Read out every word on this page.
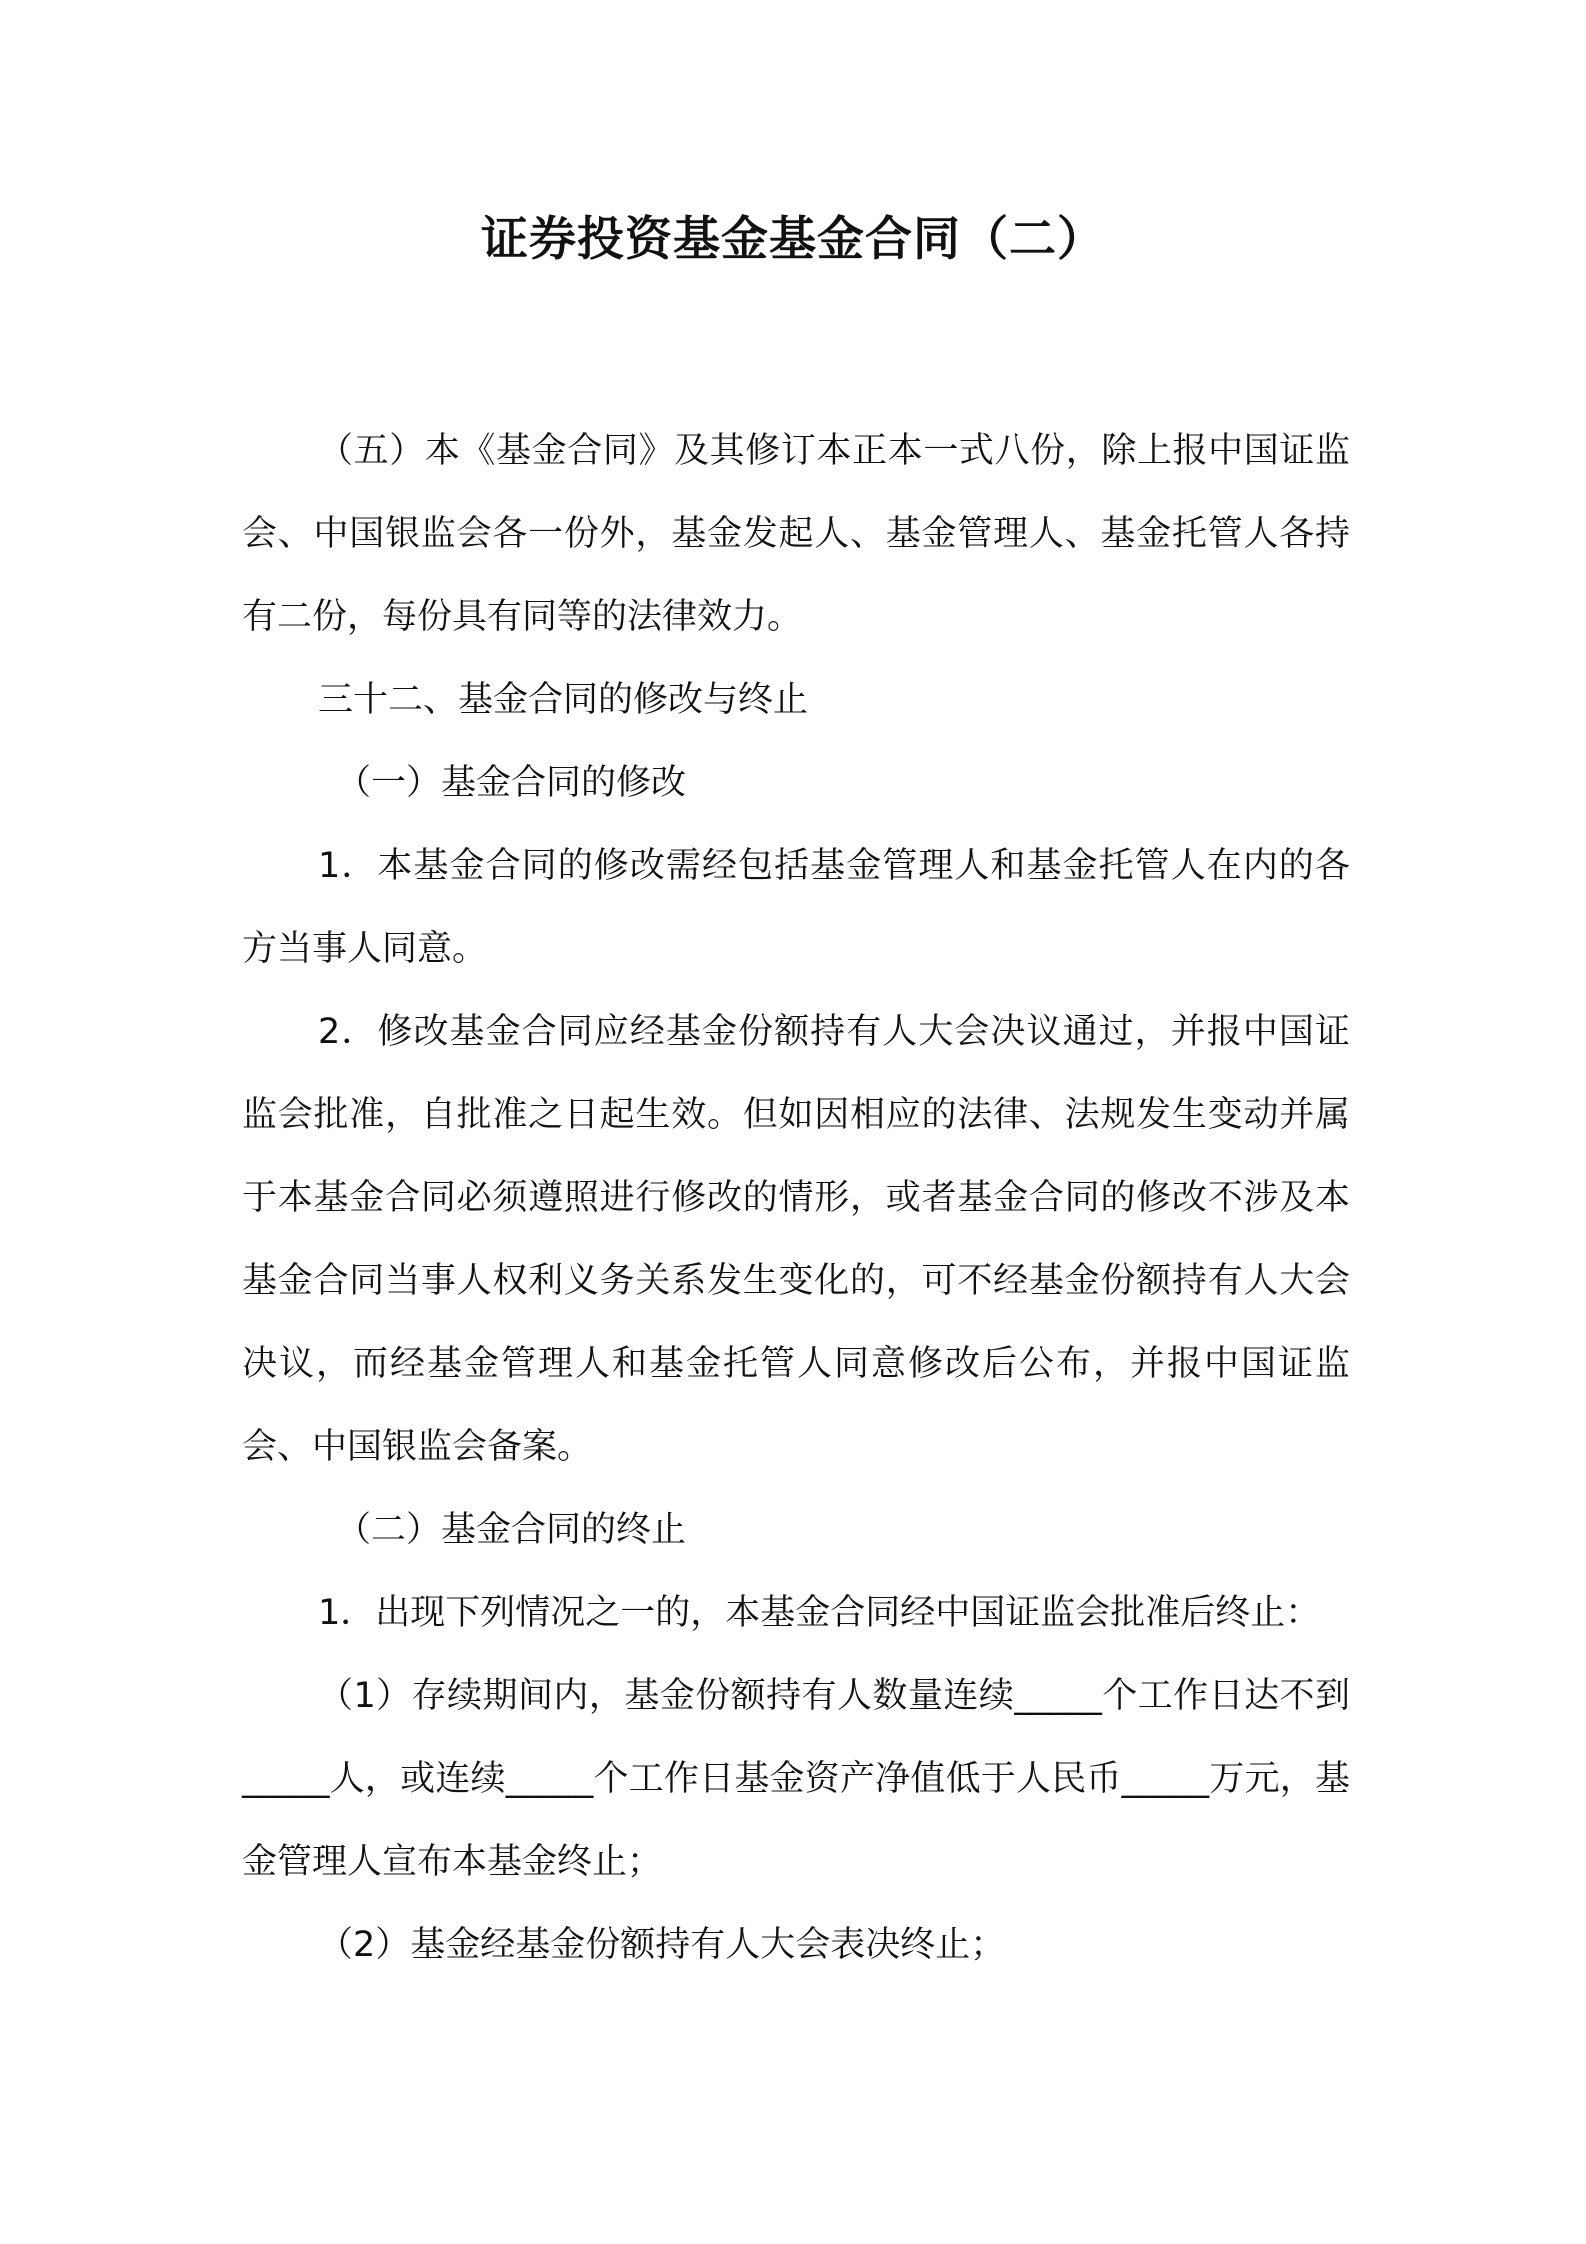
证券投资基金基金合同（二）

（五）本《基金合同》及其修订本正本一式八份，除上报中国证监会、中国银监会各一份外，基金发起人、基金管理人、基金托管人各持有二份，每份具有同等的法律效力。

三十二、基金合同的修改与终止

（一）基金合同的修改

1．本基金合同的修改需经包括基金管理人和基金托管人在内的各方当事人同意。

2．修改基金合同应经基金份额持有人大会决议通过，并报中国证监会批准，自批准之日起生效。但如因相应的法律、法规发生变动并属于本基金合同必须遵照进行修改的情形，或者基金合同的修改不涉及本基金合同当事人权利义务关系发生变化的，可不经基金份额持有人大会决议，而经基金管理人和基金托管人同意修改后公布，并报中国证监会、中国银监会备案。

（二）基金合同的终止

1．出现下列情况之一的，本基金合同经中国证监会批准后终止：

（1）存续期间内，基金份额持有人数量连续_____个工作日达不到_____人，或连续_____个工作日基金资产净值低于人民币_____万元，基金管理人宣布本基金终止；

（2）基金经基金份额持有人大会表决终止；
